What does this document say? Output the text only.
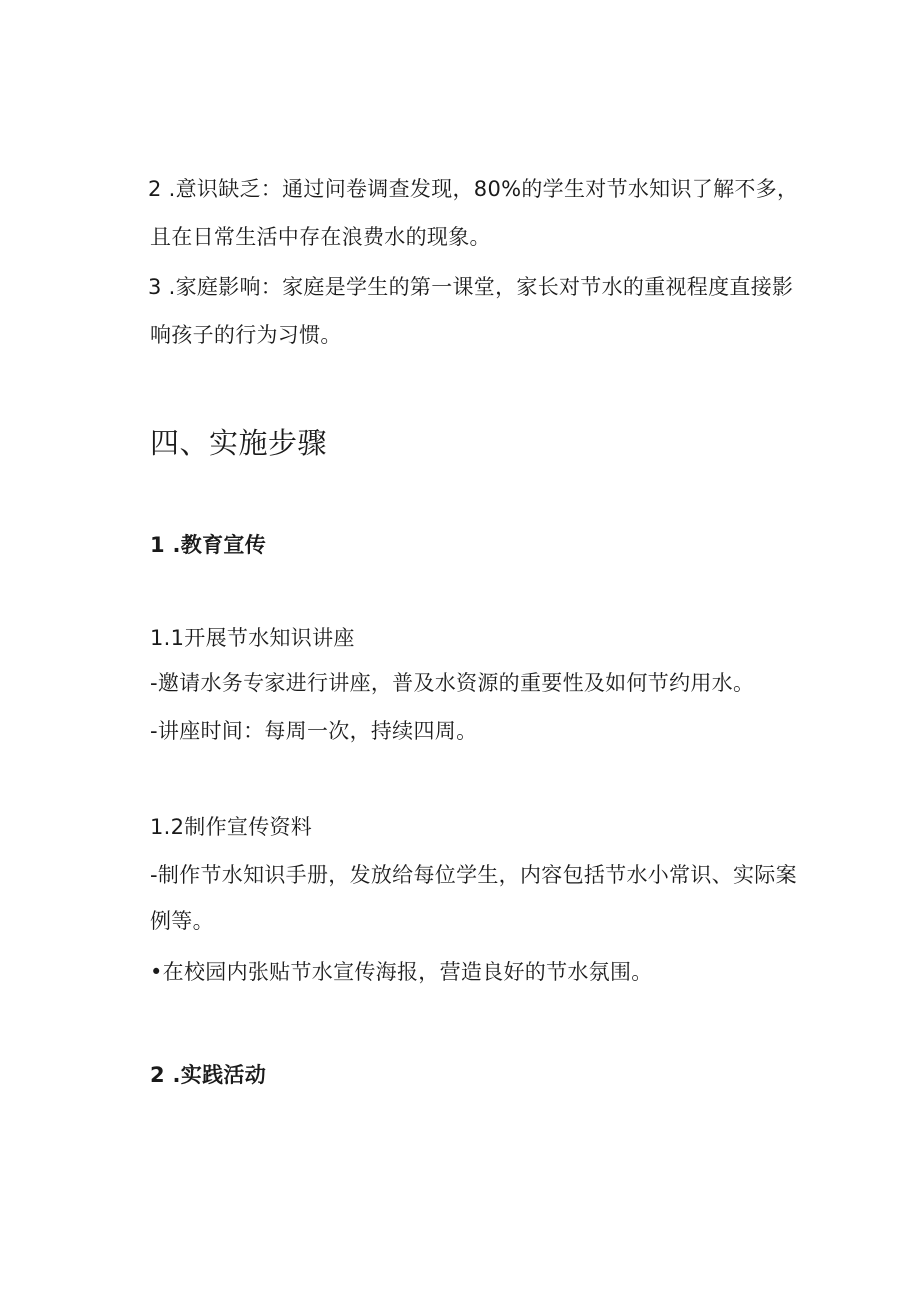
2 .意识缺乏：通过问卷调查发现，80%的学生对节水知识了解不多，
且在日常生活中存在浪费水的现象。
3 .家庭影响：家庭是学生的第一课堂，家长对节水的重视程度直接影
响孩子的行为习惯。
四、实施步骤
1 .教育宣传
1.1开展节水知识讲座
-邀请水务专家进行讲座，普及水资源的重要性及如何节约用水。
-讲座时间：每周一次，持续四周。
1.2制作宣传资料
-制作节水知识手册，发放给每位学生，内容包括节水小常识、实际案
例等。
•在校园内张贴节水宣传海报，营造良好的节水氛围。
2 .实践活动
